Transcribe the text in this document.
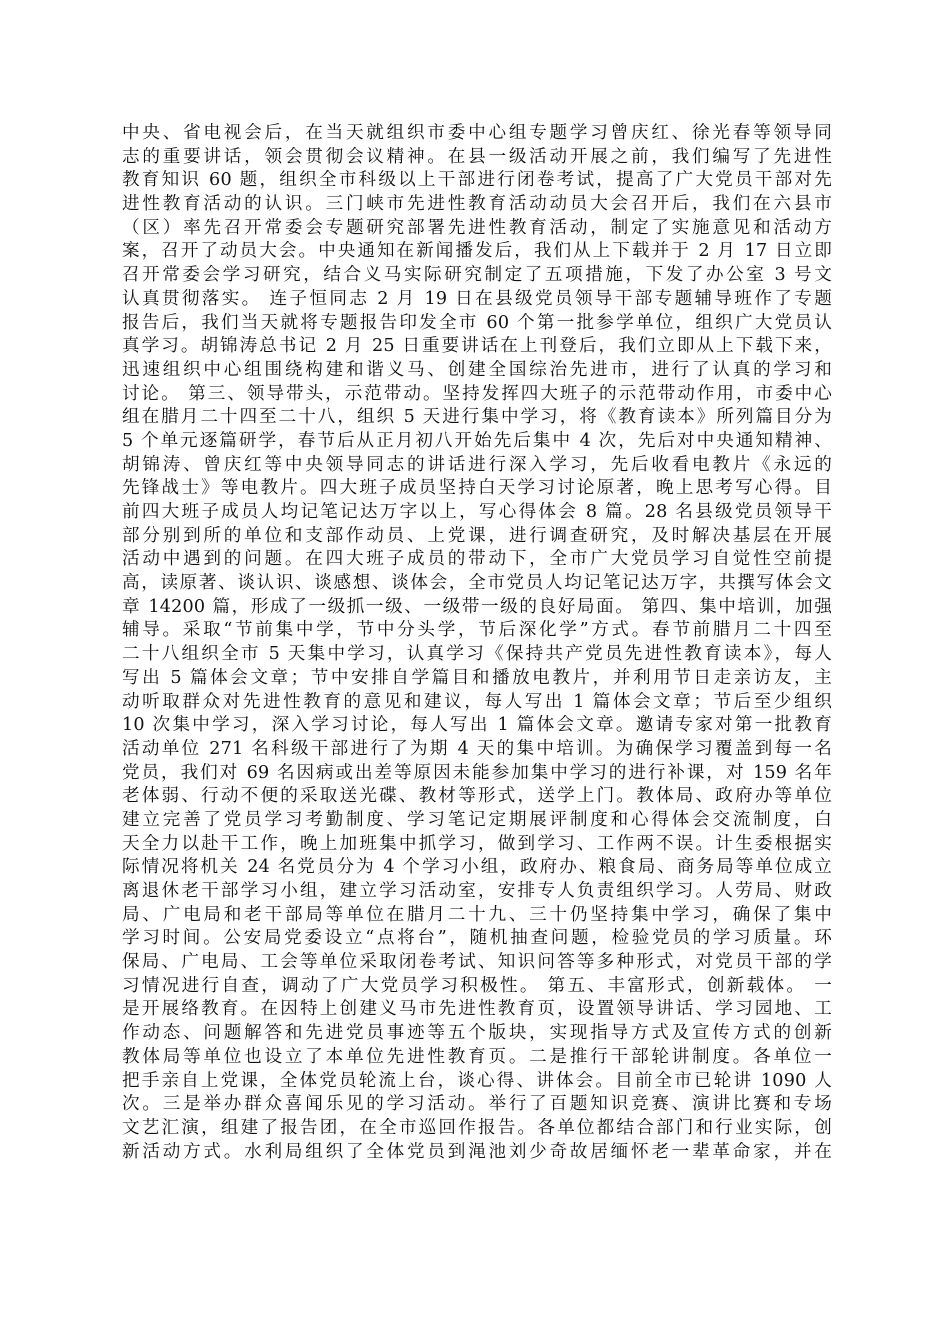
中央、省电视会后，在当天就组织市委中心组专题学习曾庆红、徐光春等领导同
志的重要讲话，领会贯彻会议精神。在县一级活动开展之前，我们编写了先进性
教育知识 60 题，组织全市科级以上干部进行闭卷考试，提高了广大党员干部对先
进性教育活动的认识。三门峡市先进性教育活动动员大会召开后，我们在六县市
（区）率先召开常委会专题研究部署先进性教育活动，制定了实施意见和活动方
案，召开了动员大会。中央通知在新闻播发后，我们从上下载并于 2 月 17 日立即
召开常委会学习研究，结合义马实际研究制定了五项措施，下发了办公室 3 号文
认真贯彻落实。 连子恒同志 2 月 19 日在县级党员领导干部专题辅导班作了专题
报告后，我们当天就将专题报告印发全市 60 个第一批参学单位，组织广大党员认
真学习。胡锦涛总书记 2 月 25 日重要讲话在上刊登后，我们立即从上下载下来，
迅速组织中心组围绕构建和谐义马、创建全国综治先进市，进行了认真的学习和
讨论。 第三、领导带头，示范带动。坚持发挥四大班子的示范带动作用，市委中心
组在腊月二十四至二十八，组织 5 天进行集中学习，将《教育读本》所列篇目分为
5 个单元逐篇研学，春节后从正月初八开始先后集中 4 次，先后对中央通知精神、
胡锦涛、曾庆红等中央领导同志的讲话进行深入学习，先后收看电教片《永远的
先锋战士》等电教片。四大班子成员坚持白天学习讨论原著，晚上思考写心得。目
前四大班子成员人均记笔记达万字以上，写心得体会 8 篇。28 名县级党员领导干
部分别到所的单位和支部作动员、上党课，进行调查研究，及时解决基层在开展
活动中遇到的问题。在四大班子成员的带动下，全市广大党员学习自觉性空前提
高，读原著、谈认识、谈感想、谈体会，全市党员人均记笔记达万字，共撰写体会文
章 14200 篇，形成了一级抓一级、一级带一级的良好局面。 第四、集中培训，加强
辅导。采取“节前集中学，节中分头学，节后深化学”方式。春节前腊月二十四至
二十八组织全市 5 天集中学习，认真学习《保持共产党员先进性教育读本》，每人
写出 5 篇体会文章；节中安排自学篇目和播放电教片，并利用节日走亲访友，主
动听取群众对先进性教育的意见和建议，每人写出 1 篇体会文章；节后至少组织
10 次集中学习，深入学习讨论，每人写出 1 篇体会文章。邀请专家对第一批教育
活动单位 271 名科级干部进行了为期 4 天的集中培训。为确保学习覆盖到每一名
党员，我们对 69 名因病或出差等原因未能参加集中学习的进行补课，对 159 名年
老体弱、行动不便的采取送光碟、教材等形式，送学上门。教体局、政府办等单位
建立完善了党员学习考勤制度、学习笔记定期展评制度和心得体会交流制度，白
天全力以赴干工作，晚上加班集中抓学习，做到学习、工作两不误。计生委根据实
际情况将机关 24 名党员分为 4 个学习小组，政府办、粮食局、商务局等单位成立
离退休老干部学习小组，建立学习活动室，安排专人负责组织学习。人劳局、财政
局、广电局和老干部局等单位在腊月二十九、三十仍坚持集中学习，确保了集中
学习时间。公安局党委设立“点将台”，随机抽查问题，检验党员的学习质量。环
保局、广电局、工会等单位采取闭卷考试、知识问答等多种形式，对党员干部的学
习情况进行自查，调动了广大党员学习积极性。 第五、丰富形式，创新载体。 一
是开展络教育。在因特上创建义马市先进性教育页，设置领导讲话、学习园地、工
作动态、问题解答和先进党员事迹等五个版块，实现指导方式及宣传方式的创新
教体局等单位也设立了本单位先进性教育页。二是推行干部轮讲制度。各单位一
把手亲自上党课，全体党员轮流上台，谈心得、讲体会。目前全市已轮讲 1090 人
次。三是举办群众喜闻乐见的学习活动。举行了百题知识竞赛、演讲比赛和专场
文艺汇演，组建了报告团，在全市巡回作报告。各单位都结合部门和行业实际，创
新活动方式。水利局组织了全体党员到渑池刘少奇故居缅怀老一辈革命家，并在
